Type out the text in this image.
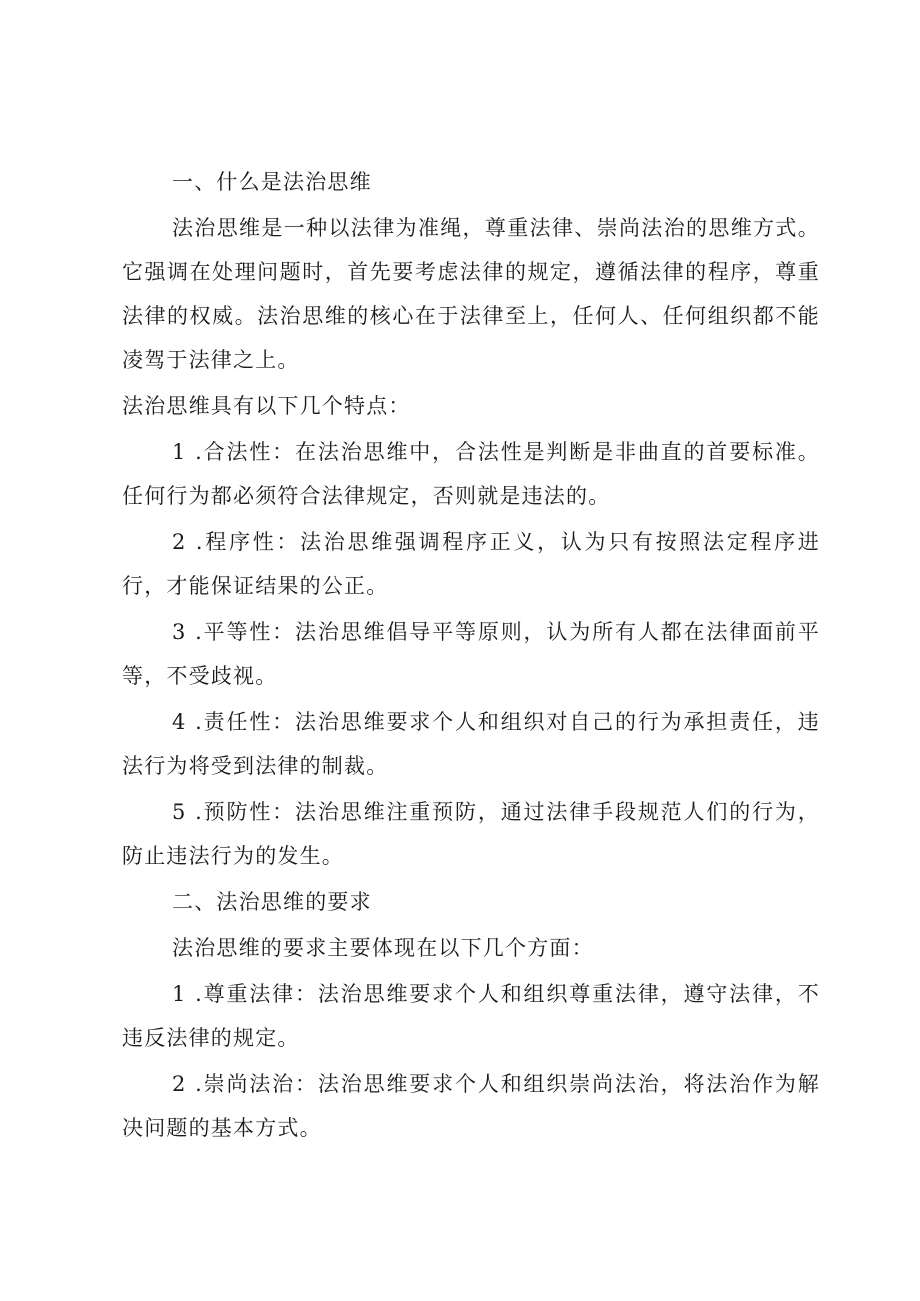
一、什么是法治思维

法治思维是一种以法律为准绳，尊重法律、崇尚法治的思维方式。它强调在处理问题时，首先要考虑法律的规定，遵循法律的程序，尊重法律的权威。法治思维的核心在于法律至上，任何人、任何组织都不能凌驾于法律之上。

法治思维具有以下几个特点：

1 .合法性：在法治思维中，合法性是判断是非曲直的首要标准。任何行为都必须符合法律规定，否则就是违法的。

2 .程序性：法治思维强调程序正义，认为只有按照法定程序进行，才能保证结果的公正。

3 .平等性：法治思维倡导平等原则，认为所有人都在法律面前平等，不受歧视。

4 .责任性：法治思维要求个人和组织对自己的行为承担责任，违法行为将受到法律的制裁。

5 .预防性：法治思维注重预防，通过法律手段规范人们的行为，防止违法行为的发生。

二、法治思维的要求

法治思维的要求主要体现在以下几个方面：

1 .尊重法律：法治思维要求个人和组织尊重法律，遵守法律，不违反法律的规定。

2 .崇尚法治：法治思维要求个人和组织崇尚法治，将法治作为解决问题的基本方式。
